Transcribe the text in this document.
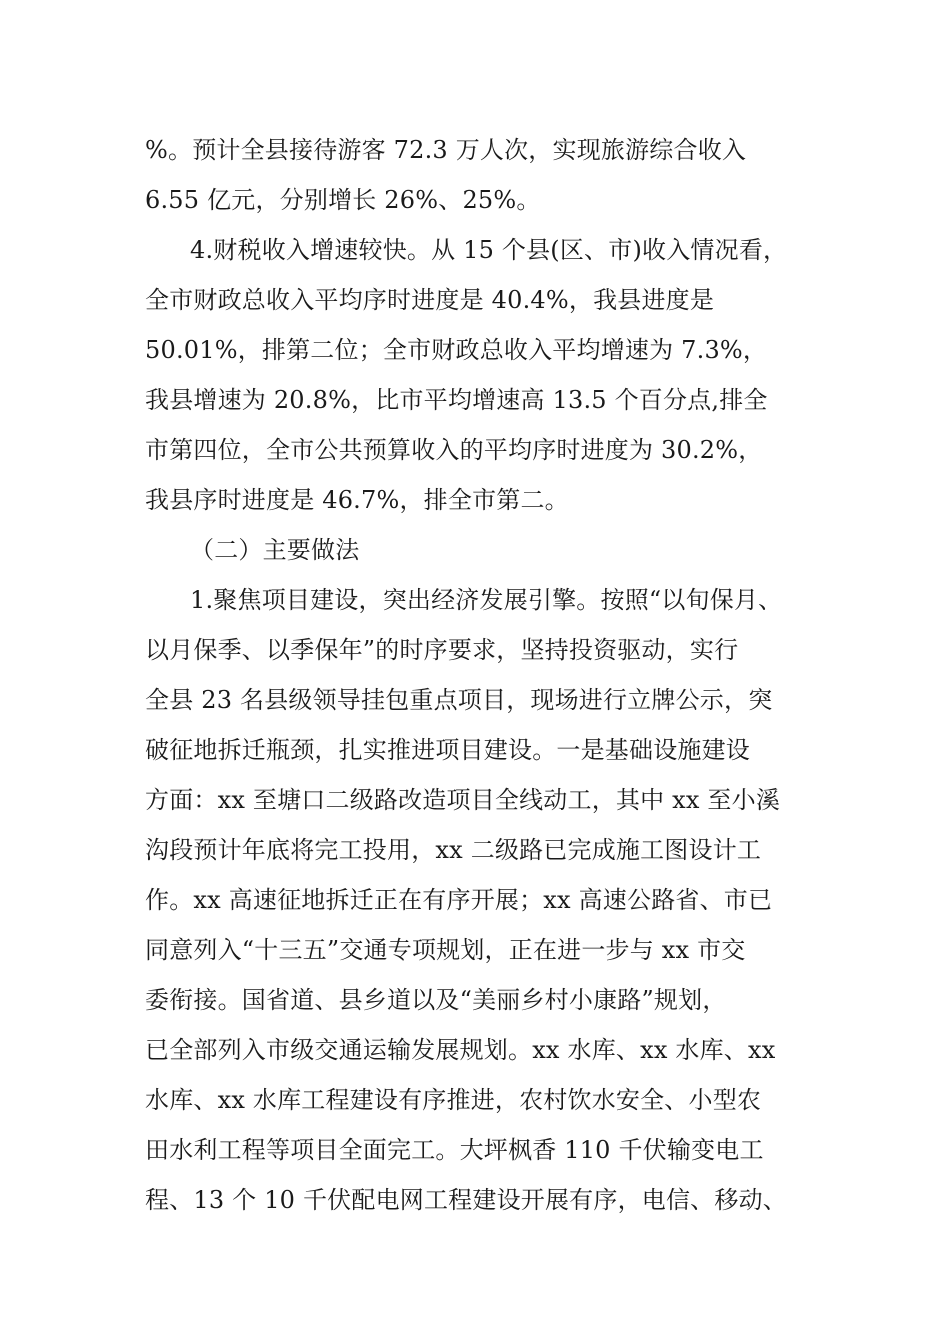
%。预计全县接待游客 72.3 万人次，实现旅游综合收入
6.55 亿元，分别增长 26%、25%。
4.财税收入增速较快。从 15 个县(区、市)收入情况看，
全市财政总收入平均序时进度是 40.4%，我县进度是
50.01%，排第二位；全市财政总收入平均增速为 7.3%，
我县增速为 20.8%，比市平均增速高 13.5 个百分点,排全
市第四位，全市公共预算收入的平均序时进度为 30.2%，
我县序时进度是 46.7%，排全市第二。
（二）主要做法
1.聚焦项目建设，突出经济发展引擎。按照“以旬保月、
以月保季、以季保年”的时序要求，坚持投资驱动，实行
全县 23 名县级领导挂包重点项目，现场进行立牌公示，突
破征地拆迁瓶颈，扎实推进项目建设。一是基础设施建设
方面：xx 至塘口二级路改造项目全线动工，其中 xx 至小溪
沟段预计年底将完工投用，xx 二级路已完成施工图设计工
作。xx 高速征地拆迁正在有序开展；xx 高速公路省、市已
同意列入“十三五”交通专项规划，正在进一步与 xx 市交
委衔接。国省道、县乡道以及“美丽乡村小康路”规划，
已全部列入市级交通运输发展规划。xx 水库、xx 水库、xx
水库、xx 水库工程建设有序推进，农村饮水安全、小型农
田水利工程等项目全面完工。大坪枫香 110 千伏输变电工
程、13 个 10 千伏配电网工程建设开展有序，电信、移动、
